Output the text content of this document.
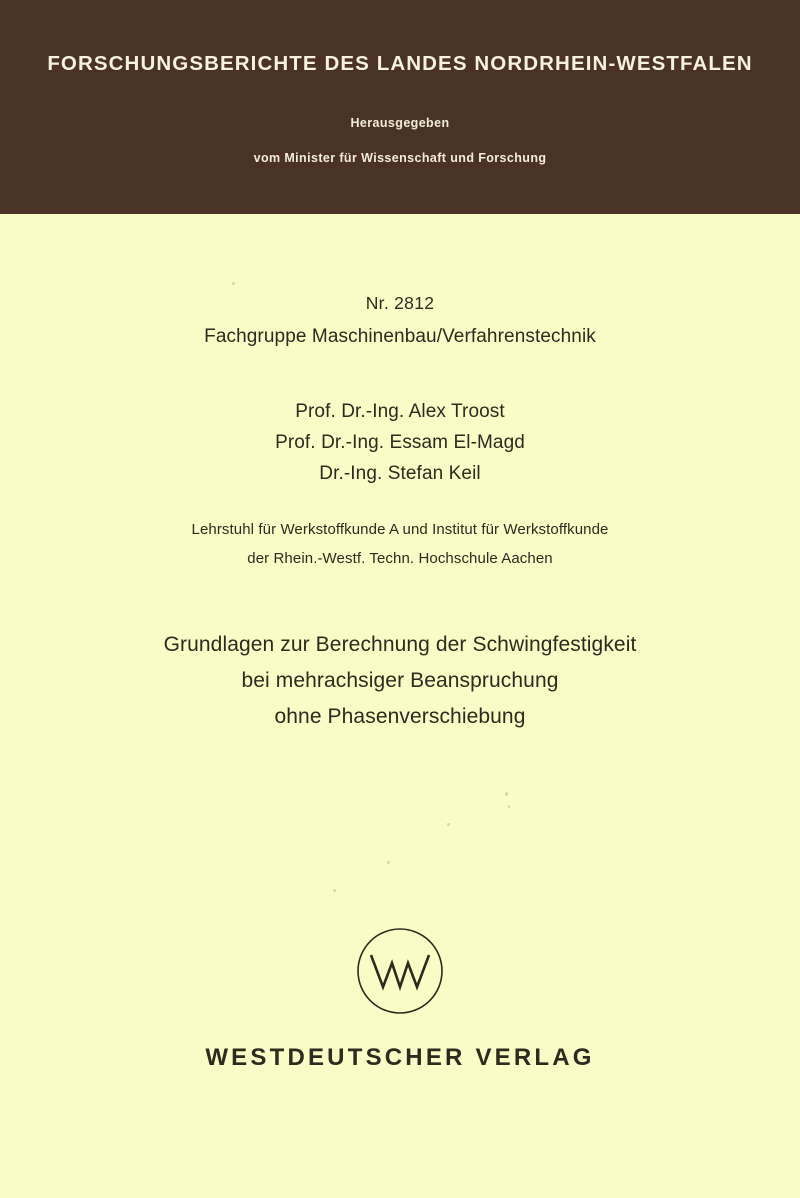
FORSCHUNGSBERICHTE DES LANDES NORDRHEIN-WESTFALEN
Herausgegeben
vom Minister für Wissenschaft und Forschung
Nr. 2812
Fachgruppe Maschinenbau/Verfahrenstechnik
Prof. Dr.-Ing. Alex Troost
Prof. Dr.-Ing. Essam El-Magd
Dr.-Ing. Stefan Keil
Lehrstuhl für Werkstoffkunde A und Institut für Werkstoffkunde
der Rhein.-Westf. Techn. Hochschule Aachen
Grundlagen zur Berechnung der Schwingfestigkeit
bei mehrachsiger Beanspruchung
ohne Phasenverschiebung
WESTDEUTSCHER VERLAG
